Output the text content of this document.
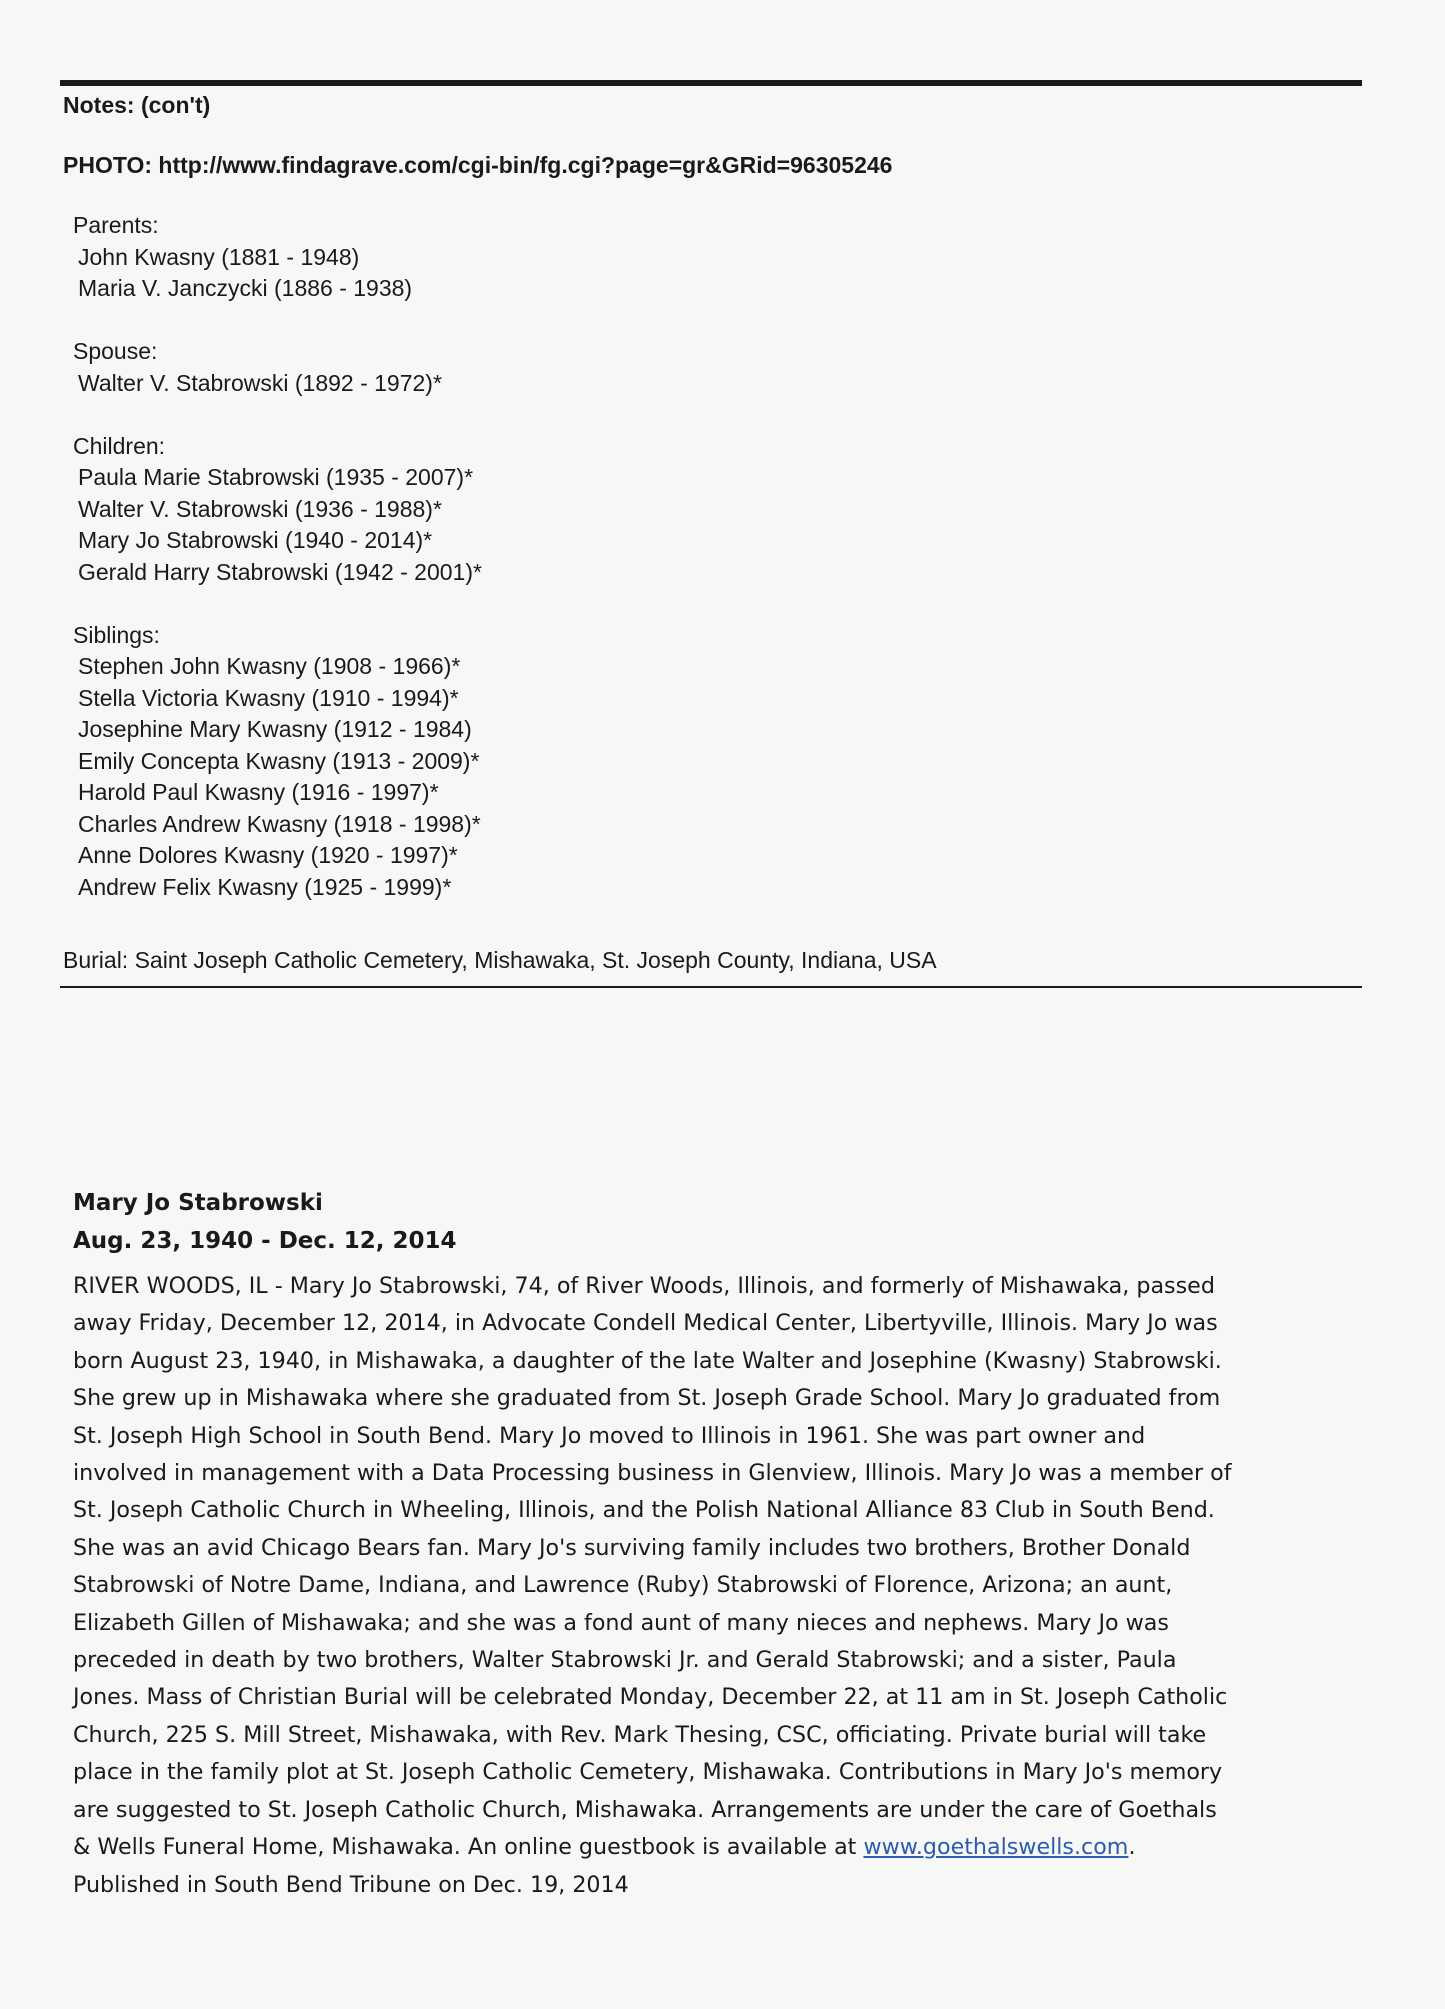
Notes: (con't)
PHOTO: http://www.findagrave.com/cgi-bin/fg.cgi?page=gr&GRid=96305246
Parents:
John Kwasny (1881 - 1948)
Maria V. Janczycki (1886 - 1938)
Spouse:
Walter V. Stabrowski (1892 - 1972)*
Children:
Paula Marie Stabrowski (1935 - 2007)*
Walter V. Stabrowski (1936 - 1988)*
Mary Jo Stabrowski (1940 - 2014)*
Gerald Harry Stabrowski (1942 - 2001)*
Siblings:
Stephen John Kwasny (1908 - 1966)*
Stella Victoria Kwasny (1910 - 1994)*
Josephine Mary Kwasny (1912 - 1984)
Emily Concepta Kwasny (1913 - 2009)*
Harold Paul Kwasny (1916 - 1997)*
Charles Andrew Kwasny (1918 - 1998)*
Anne Dolores Kwasny (1920 - 1997)*
Andrew Felix Kwasny (1925 - 1999)*
Burial: Saint Joseph Catholic Cemetery, Mishawaka, St. Joseph County, Indiana, USA
Mary Jo Stabrowski
Aug. 23, 1940 - Dec. 12, 2014
RIVER WOODS, IL - Mary Jo Stabrowski, 74, of River Woods, Illinois, and formerly of Mishawaka, passed
away Friday, December 12, 2014, in Advocate Condell Medical Center, Libertyville, Illinois. Mary Jo was
born August 23, 1940, in Mishawaka, a daughter of the late Walter and Josephine (Kwasny) Stabrowski.
She grew up in Mishawaka where she graduated from St. Joseph Grade School. Mary Jo graduated from
St. Joseph High School in South Bend. Mary Jo moved to Illinois in 1961. She was part owner and
involved in management with a Data Processing business in Glenview, Illinois. Mary Jo was a member of
St. Joseph Catholic Church in Wheeling, Illinois, and the Polish National Alliance 83 Club in South Bend.
She was an avid Chicago Bears fan. Mary Jo's surviving family includes two brothers, Brother Donald
Stabrowski of Notre Dame, Indiana, and Lawrence (Ruby) Stabrowski of Florence, Arizona; an aunt,
Elizabeth Gillen of Mishawaka; and she was a fond aunt of many nieces and nephews. Mary Jo was
preceded in death by two brothers, Walter Stabrowski Jr. and Gerald Stabrowski; and a sister, Paula
Jones. Mass of Christian Burial will be celebrated Monday, December 22, at 11 am in St. Joseph Catholic
Church, 225 S. Mill Street, Mishawaka, with Rev. Mark Thesing, CSC, officiating. Private burial will take
place in the family plot at St. Joseph Catholic Cemetery, Mishawaka. Contributions in Mary Jo's memory
are suggested to St. Joseph Catholic Church, Mishawaka. Arrangements are under the care of Goethals
& Wells Funeral Home, Mishawaka. An online guestbook is available at www.goethalswells.com.
Published in South Bend Tribune on Dec. 19, 2014
